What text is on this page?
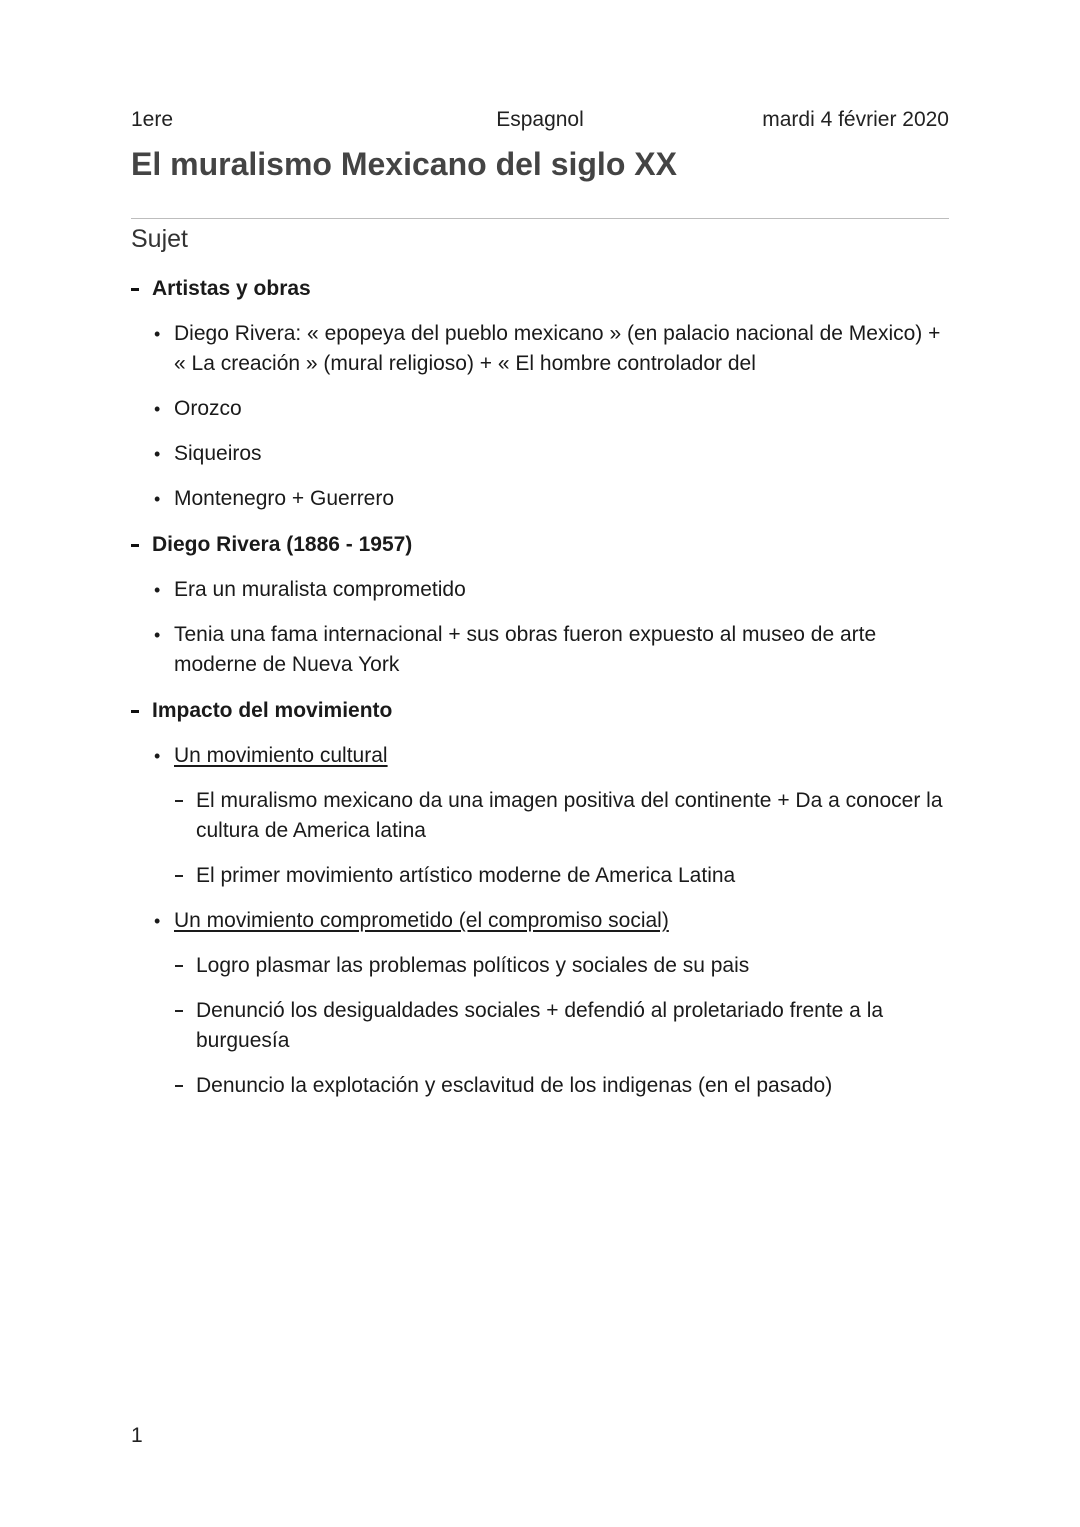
1ere	Espagnol	mardi 4 février 2020
El muralismo Mexicano del siglo XX
Sujet
Artistas y obras
• Diego Rivera: « epopeya del pueblo mexicano » (en palacio nacional de Mexico) + « La creación » (mural religioso) + « El hombre controlador del
• Orozco
• Siqueiros
• Montenegro + Guerrero
Diego Rivera (1886 - 1957)
• Era un muralista comprometido
• Tenia una fama internacional + sus obras fueron expuesto al museo de arte moderne de Nueva York
Impacto del movimiento
• Un movimiento cultural
El muralismo mexicano da una imagen positiva del continente + Da a conocer la cultura de America latina
El primer movimiento artístico moderne de America Latina
• Un movimiento comprometido (el compromiso social)
Logro plasmar las problemas políticos y sociales de su pais
Denunció los desigualdades sociales + defendió al proletariado frente a la burguesía
Denuncio la explotación y esclavitud de los indigenas (en el pasado)
1
